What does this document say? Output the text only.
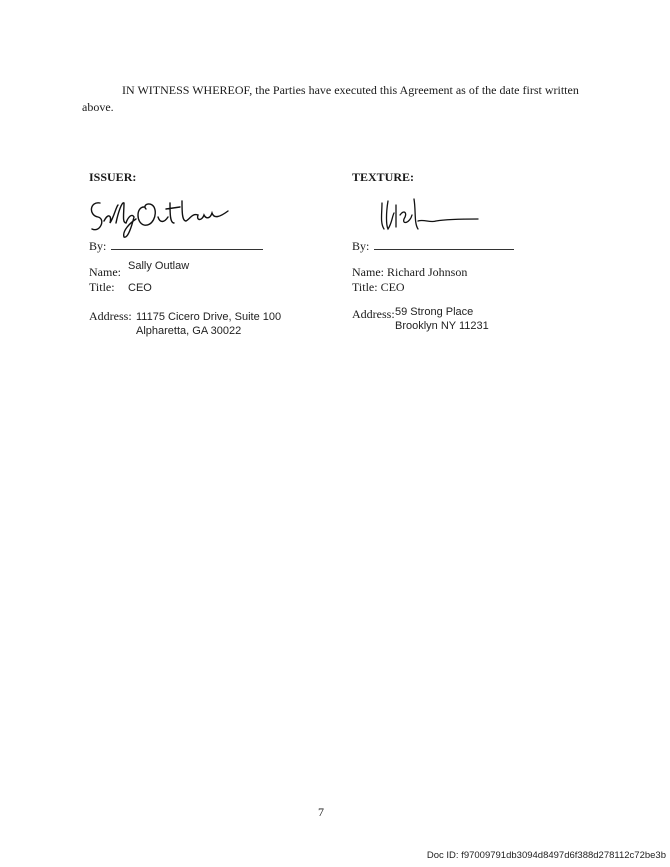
IN WITNESS WHEREOF, the Parties have executed this Agreement as of the date first written above.

ISSUER:
By:
Name: Sally Outlaw
Title: CEO
Address: 11175 Cicero Drive, Suite 100
Alpharetta, GA 30022
TEXTURE:
By:
Name: Richard Johnson
Title: CEO
Address: 59 Strong Place
Brooklyn NY 11231
7
Doc ID: f97009791db3094d8497d6f388d278112c72be3b
